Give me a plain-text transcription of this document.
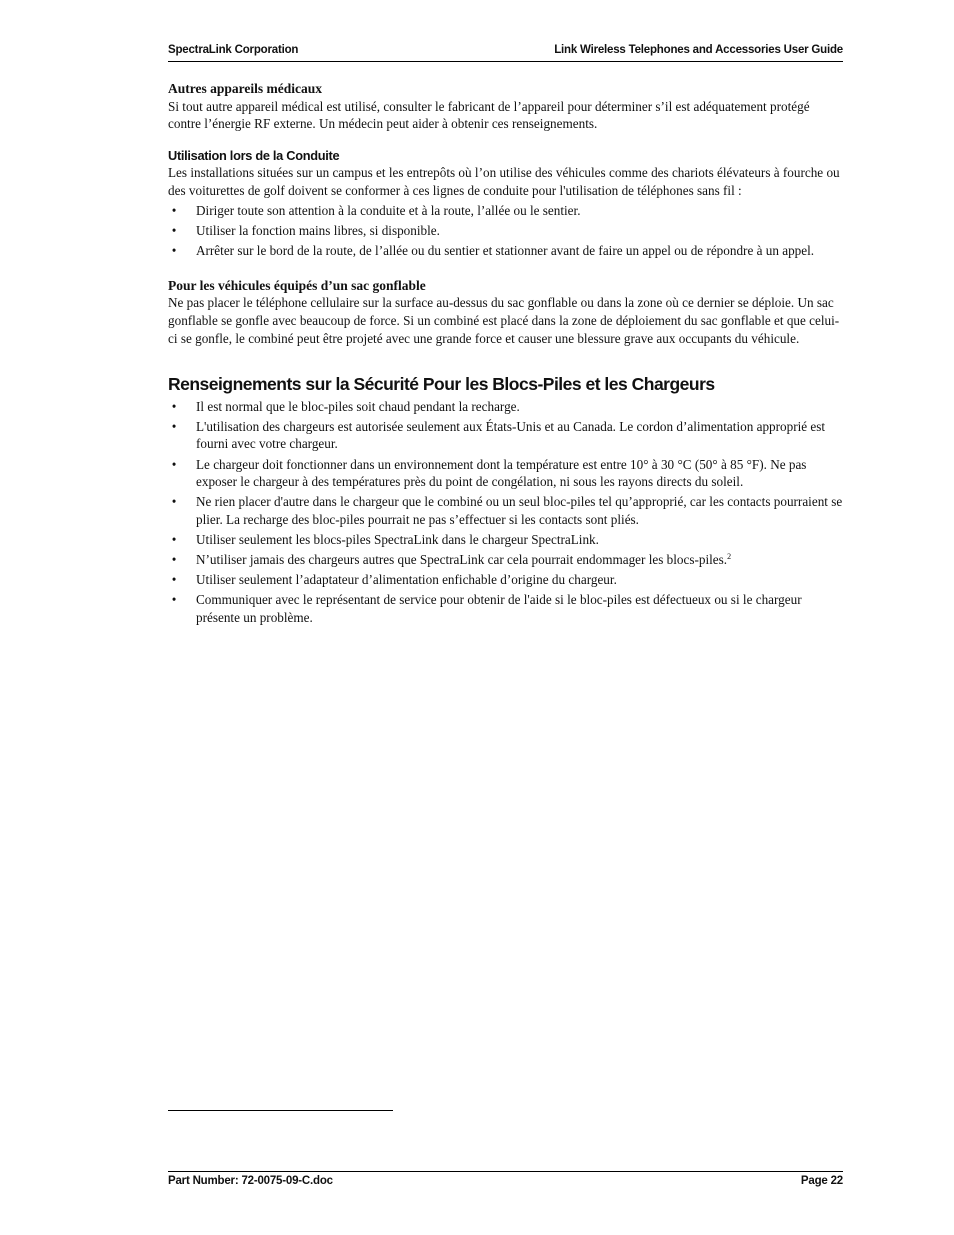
SpectraLink Corporation	Link Wireless Telephones and Accessories User Guide
Autres appareils médicaux

Si tout autre appareil médical est utilisé, consulter le fabricant de l’appareil pour déterminer s’il est adéquatement protégé contre l’énergie RF externe. Un médecin peut aider à obtenir ces renseignements.

Utilisation lors de la Conduite

Les installations situées sur un campus et les entrepôts où l’on utilise des véhicules comme des chariots élévateurs à fourche ou des voiturettes de golf doivent se conformer à ces lignes de conduite pour l'utilisation de téléphones sans fil :

• Diriger toute son attention à la conduite et à la route, l’allée ou le sentier.
• Utiliser la fonction mains libres, si disponible.
• Arrêter sur le bord de la route, de l’allée ou du sentier et stationner avant de faire un appel ou de répondre à un appel.
Pour les véhicules équipés d’un sac gonflable

Ne pas placer le téléphone cellulaire sur la surface au-dessus du sac gonflable ou dans la zone où ce dernier se déploie. Un sac gonflable se gonfle avec beaucoup de force. Si un combiné est placé dans la zone de déploiement du sac gonflable et que celui-ci se gonfle, le combiné peut être projeté avec une grande force et causer une blessure grave aux occupants du véhicule.

Renseignements sur la Sécurité Pour les Blocs-Piles et les Chargeurs
• Il est normal que le bloc-piles soit chaud pendant la recharge.
• L'utilisation des chargeurs est autorisée seulement aux États-Unis et au Canada. Le cordon d’alimentation approprié est fourni avec votre chargeur.
• Le chargeur doit fonctionner dans un environnement dont la température est entre 10° à 30 °C (50° à 85 °F). Ne pas exposer le chargeur à des températures près du point de congélation, ni sous les rayons directs du soleil.
• Ne rien placer d'autre dans le chargeur que le combiné ou un seul bloc-piles tel qu’approprié, car les contacts pourraient se plier. La recharge des bloc-piles pourrait ne pas s’effectuer si les contacts sont pliés.
• Utiliser seulement les blocs-piles SpectraLink dans le chargeur SpectraLink.
• N’utiliser jamais des chargeurs autres que SpectraLink car cela pourrait endommager les blocs-piles.$^2$
• Utiliser seulement l’adaptateur d’alimentation enfichable d’origine du chargeur.
• Communiquer avec le représentant de service pour obtenir de l'aide si le bloc-piles est défectueux ou si le chargeur présente un problème.
Part Number: 72-0075-09-C.doc	Page 22
